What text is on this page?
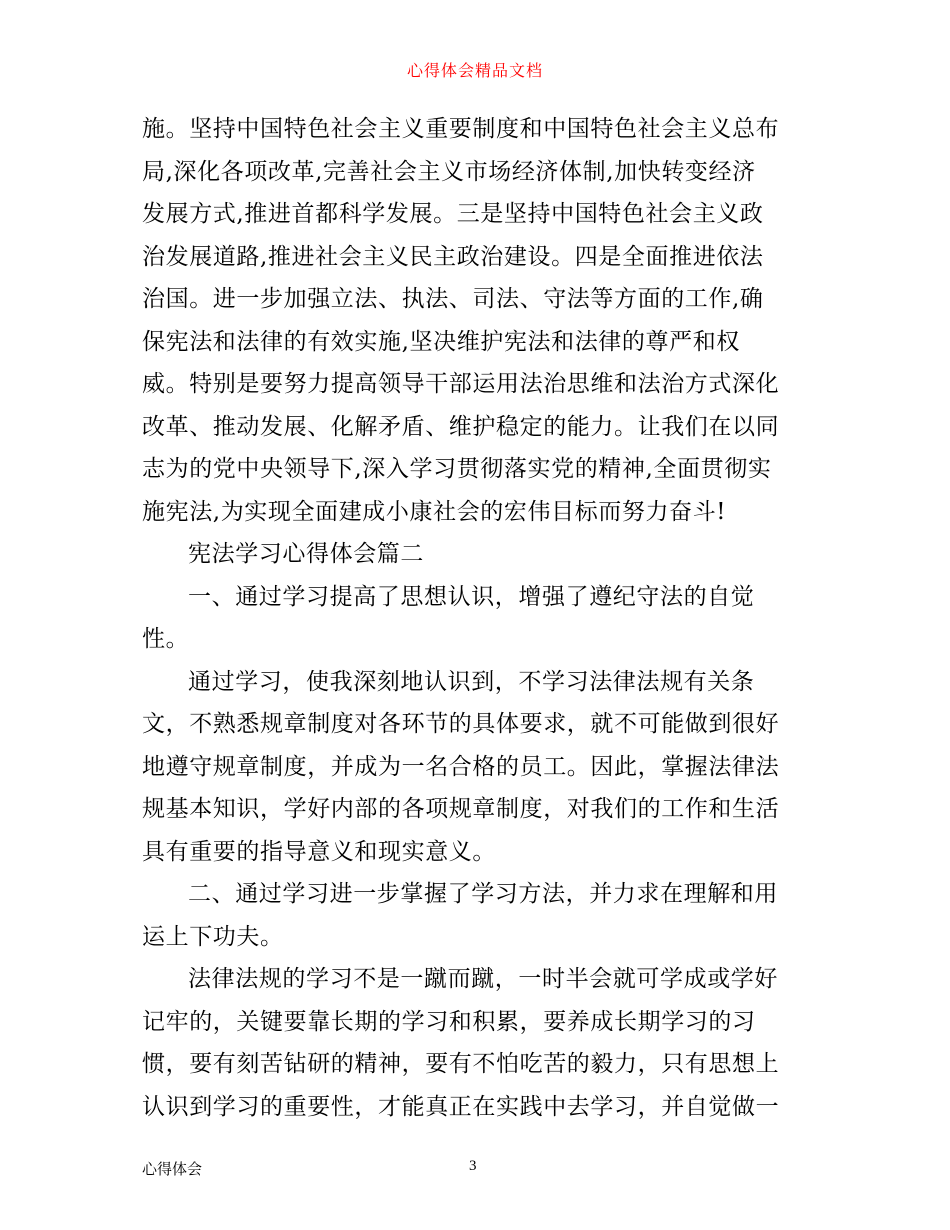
心得体会精品文档
施。坚持中国特色社会主义重要制度和中国特色社会主义总布
局,深化各项改革,完善社会主义市场经济体制,加快转变经济
发展方式,推进首都科学发展。三是坚持中国特色社会主义政
治发展道路,推进社会主义民主政治建设。四是全面推进依法
治国。进一步加强立法、执法、司法、守法等方面的工作,确
保宪法和法律的有效实施,坚决维护宪法和法律的尊严和权
威。特别是要努力提高领导干部运用法治思维和法治方式深化
改革、推动发展、化解矛盾、维护稳定的能力。让我们在以同
志为的党中央领导下,深入学习贯彻落实党的精神,全面贯彻实
施宪法,为实现全面建成小康社会的宏伟目标而努力奋斗!
宪法学习心得体会篇二
一、通过学习提高了思想认识，增强了遵纪守法的自觉
性。
通过学习，使我深刻地认识到，不学习法律法规有关条
文，不熟悉规章制度对各环节的具体要求，就不可能做到很好
地遵守规章制度，并成为一名合格的员工。因此，掌握法律法
规基本知识，学好内部的各项规章制度，对我们的工作和生活
具有重要的指导意义和现实意义。
二、通过学习进一步掌握了学习方法，并力求在理解和用
运上下功夫。
法律法规的学习不是一蹴而蹴，一时半会就可学成或学好
记牢的，关键要靠长期的学习和积累，要养成长期学习的习
惯，要有刻苦钻研的精神，要有不怕吃苦的毅力，只有思想上
认识到学习的重要性，才能真正在实践中去学习，并自觉做一
心得体会	3
